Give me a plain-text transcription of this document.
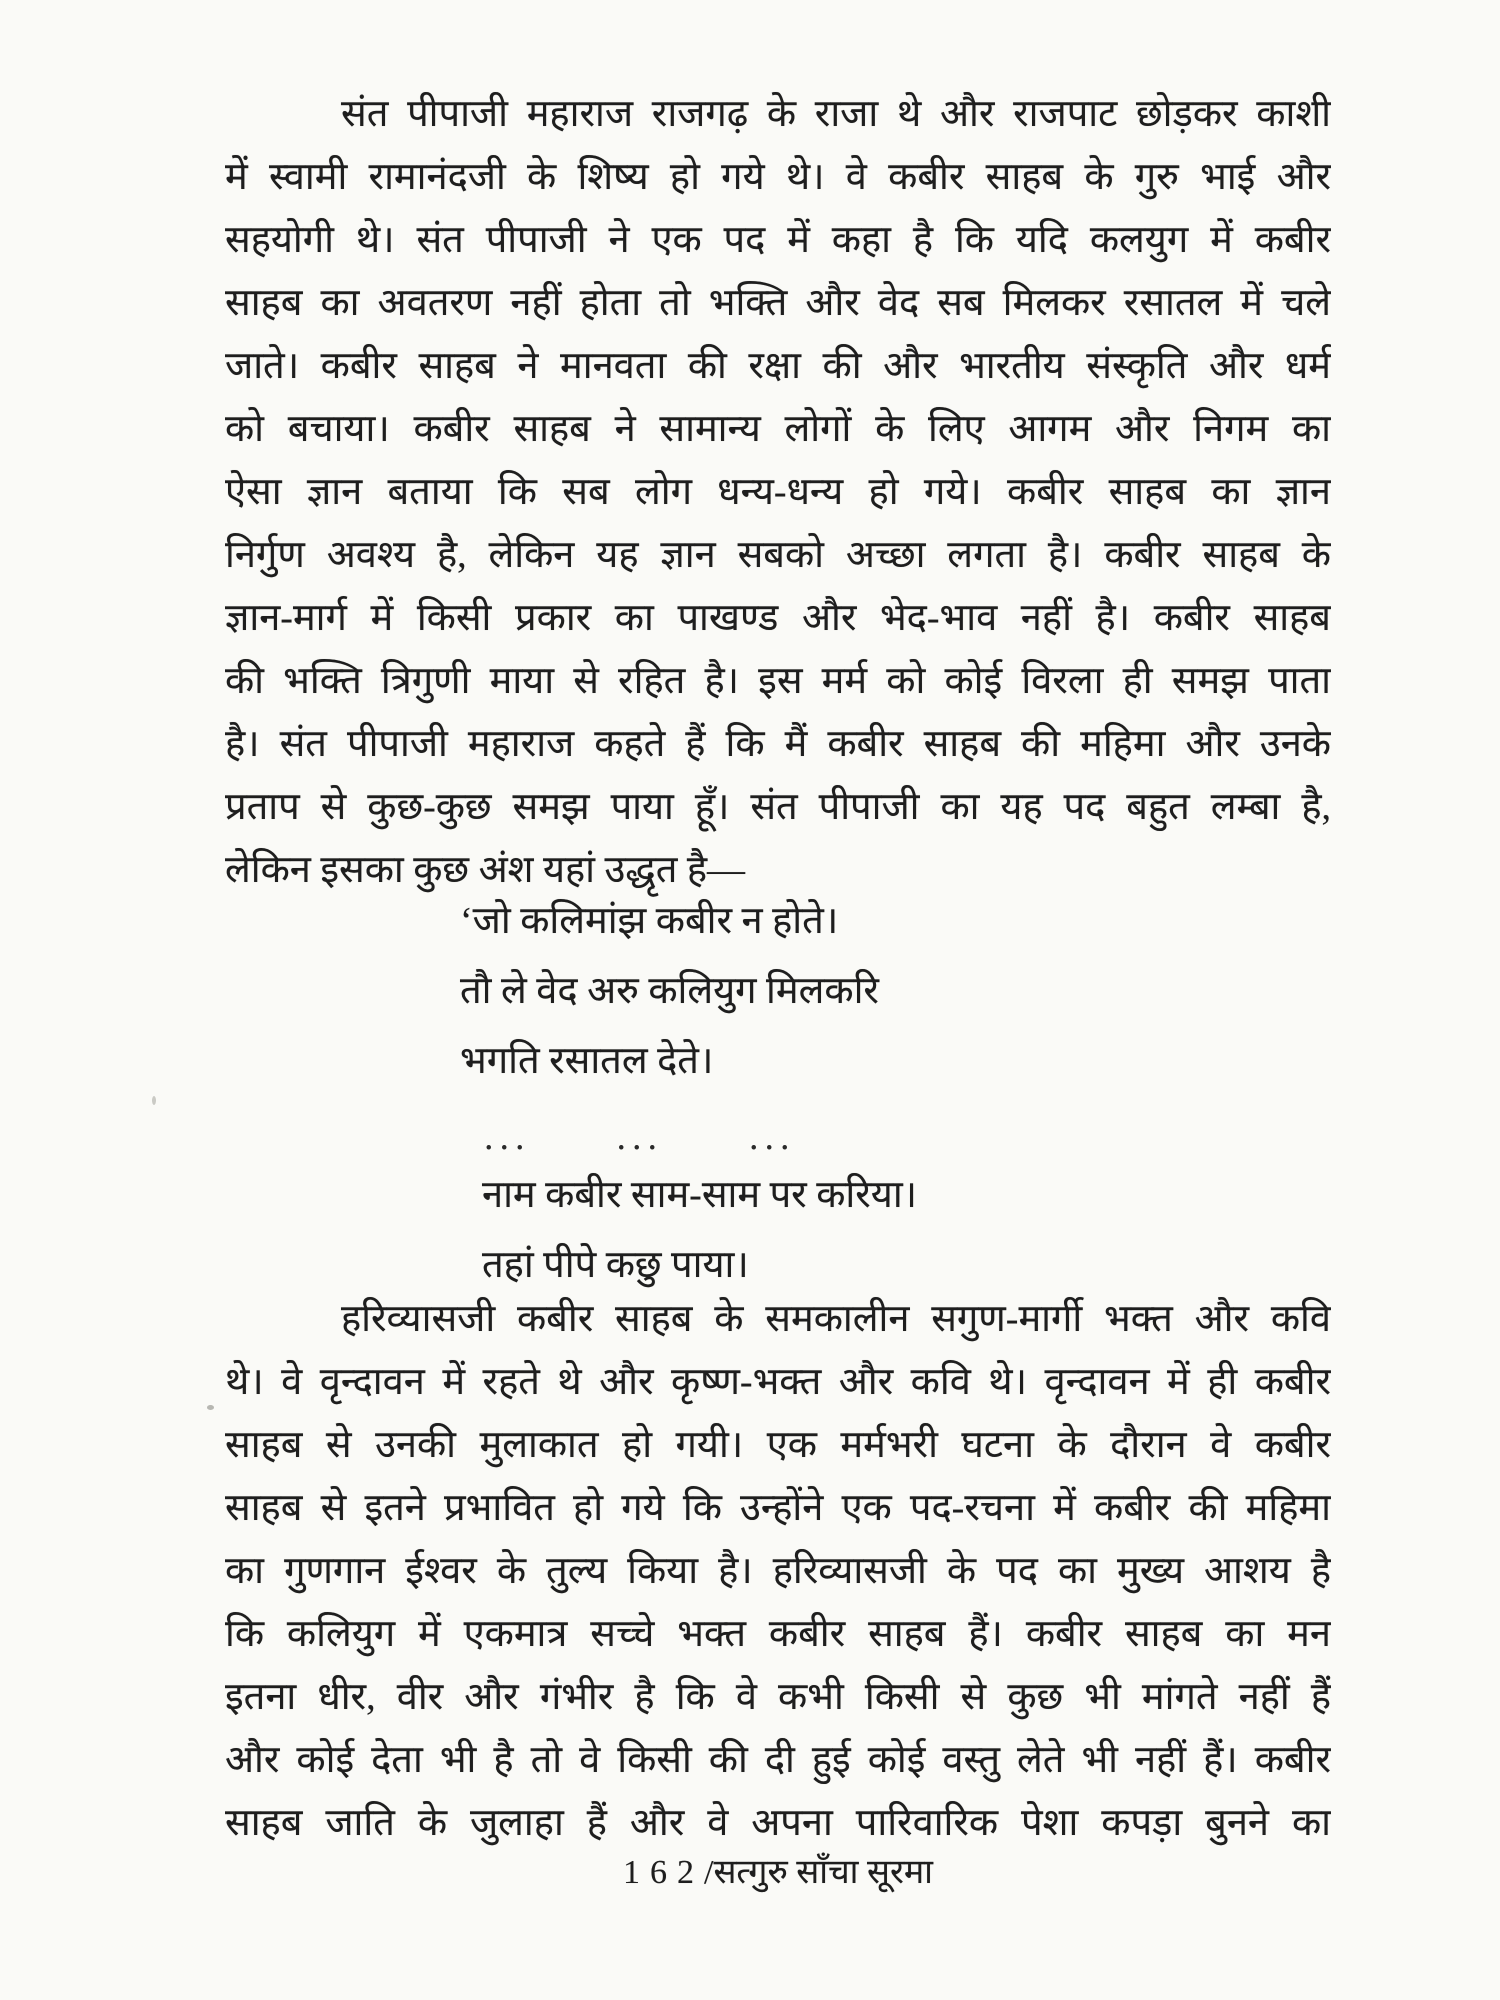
संत पीपाजी महाराज राजगढ़ के राजा थे और राजपाट छोड़कर काशी
में स्वामी रामानंदजी के शिष्य हो गये थे। वे कबीर साहब के गुरु भाई और
सहयोगी थे। संत पीपाजी ने एक पद में कहा है कि यदि कलयुग में कबीर
साहब का अवतरण नहीं होता तो भक्ति और वेद सब मिलकर रसातल में चले
जाते। कबीर साहब ने मानवता की रक्षा की और भारतीय संस्कृति और धर्म
को बचाया। कबीर साहब ने सामान्य लोगों के लिए आगम और निगम का
ऐसा ज्ञान बताया कि सब लोग धन्य-धन्य हो गये। कबीर साहब का ज्ञान
निर्गुण अवश्य है, लेकिन यह ज्ञान सबको अच्छा लगता है। कबीर साहब के
ज्ञान-मार्ग में किसी प्रकार का पाखण्ड और भेद-भाव नहीं है। कबीर साहब
की भक्ति त्रिगुणी माया से रहित है। इस मर्म को कोई विरला ही समझ पाता
है। संत पीपाजी महाराज कहते हैं कि मैं कबीर साहब की महिमा और उनके
प्रताप से कुछ-कुछ समझ पाया हूँ। संत पीपाजी का यह पद बहुत लम्बा है,
लेकिन इसका कुछ अंश यहां उद्धृत है—
‘जो कलिमांझ कबीर न होते।
तौ ले वेद अरु कलियुग मिलकरि
भगति रसातल देते।
... ... ...
नाम कबीर साम-साम पर करिया।
तहां पीपे कछु पाया।
हरिव्यासजी कबीर साहब के समकालीन सगुण-मार्गी भक्त और कवि
थे। वे वृन्दावन में रहते थे और कृष्ण-भक्त और कवि थे। वृन्दावन में ही कबीर
साहब से उनकी मुलाकात हो गयी। एक मर्मभरी घटना के दौरान वे कबीर
साहब से इतने प्रभावित हो गये कि उन्होंने एक पद-रचना में कबीर की महिमा
का गुणगान ईश्वर के तुल्य किया है। हरिव्यासजी के पद का मुख्य आशय है
कि कलियुग में एकमात्र सच्चे भक्त कबीर साहब हैं। कबीर साहब का मन
इतना धीर, वीर और गंभीर है कि वे कभी किसी से कुछ भी मांगते नहीं हैं
और कोई देता भी है तो वे किसी की दी हुई कोई वस्तु लेते भी नहीं हैं। कबीर
साहब जाति के जुलाहा हैं और वे अपना पारिवारिक पेशा कपड़ा बुनने का
162/सत्गुरु साँचा सूरमा
